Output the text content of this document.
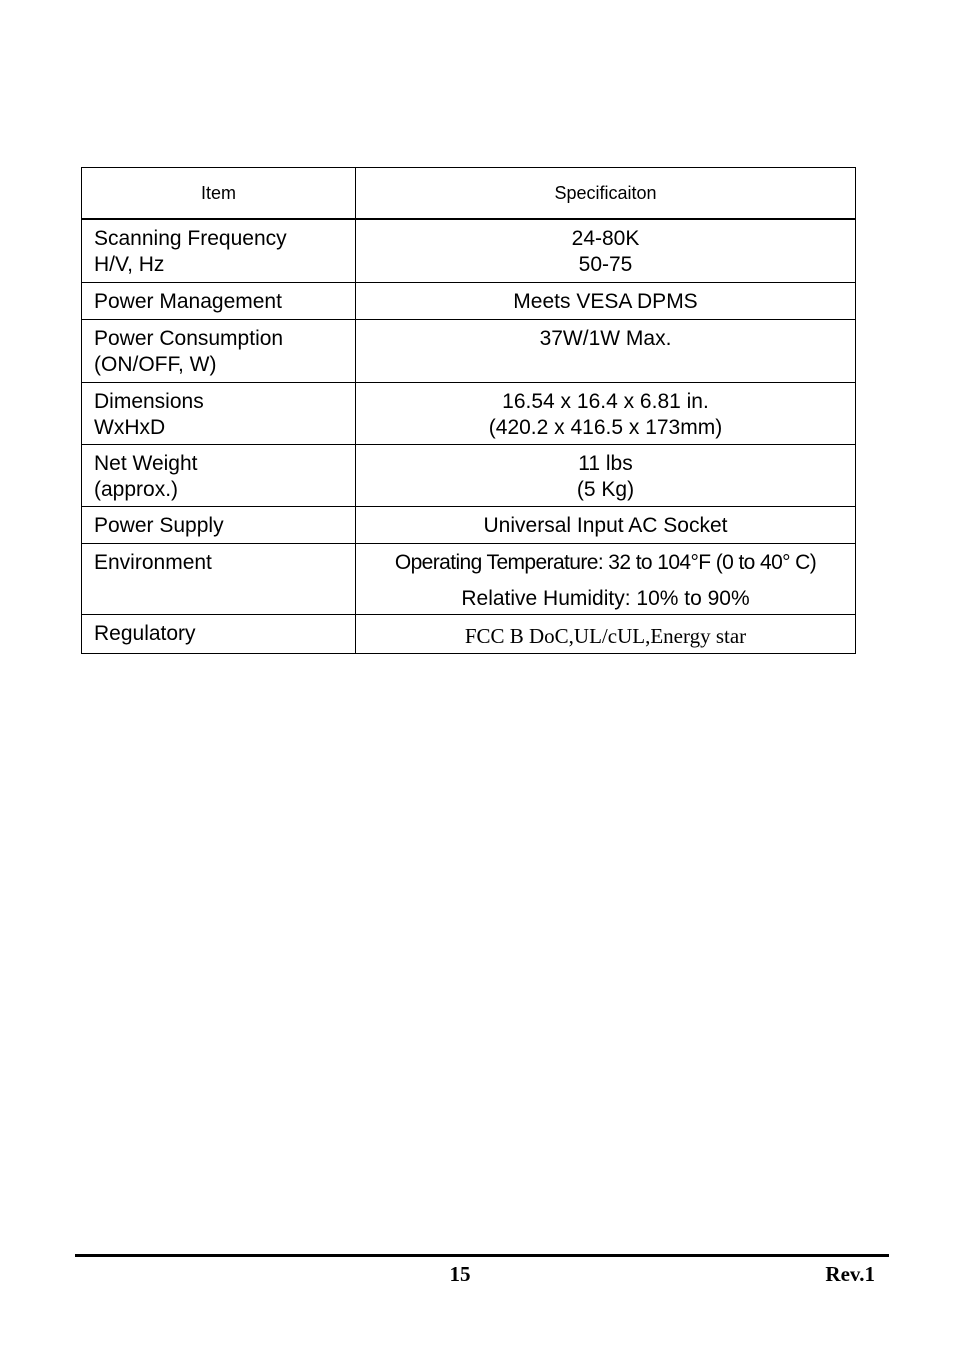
Item	Specificaiton

Scanning Frequency
H/V, Hz	24-80K
50-75

Power Management	Meets VESA DPMS

Power Consumption
(ON/OFF, W)	37W/1W Max.

Dimensions
WxHxD	16.54 x 16.4 x 6.81 in.
(420.2 x 416.5 x 173mm)

Net Weight
(approx.)	11 lbs
(5 Kg)

Power Supply	Universal Input AC Socket

Environment	Operating Temperature: 32 to 104°F (0 to 40° C)
Relative Humidity: 10% to 90%

Regulatory	FCC B DoC,UL/cUL,Energy star
15	Rev.1
